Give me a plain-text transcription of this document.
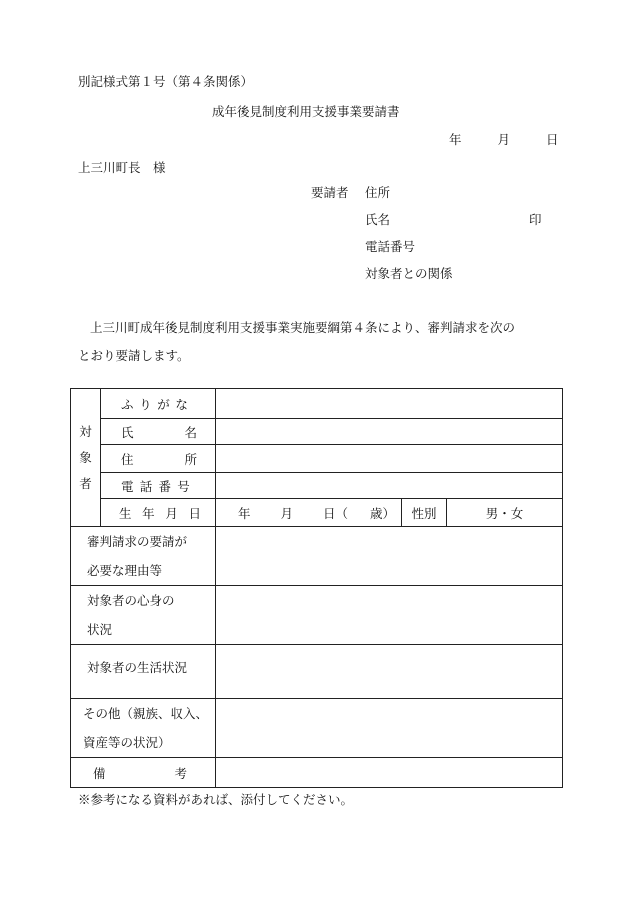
別記様式第１号（第４条関係）
成年後見制度利用支援事業要請書
年	月	日
上三川町長　様
要請者 住所
氏名	印
電話番号
対象者との関係
上三川町成年後見制度利用支援事業実施要綱第４条により、審判請求を次の
とおり要請します。
対
象
者	ふりがな			

	氏 名			

	住 所			

	電話番号			

	生 年 月 日	年 月 日（ 歳）	性別	男・女

審判請求の要請が
必要な理由等				

対象者の心身の
状況				

対象者の生活状況				

その他（親族、収入、
資産等の状況）				

備 考				

※参考になる資料があれば、添付してください。
